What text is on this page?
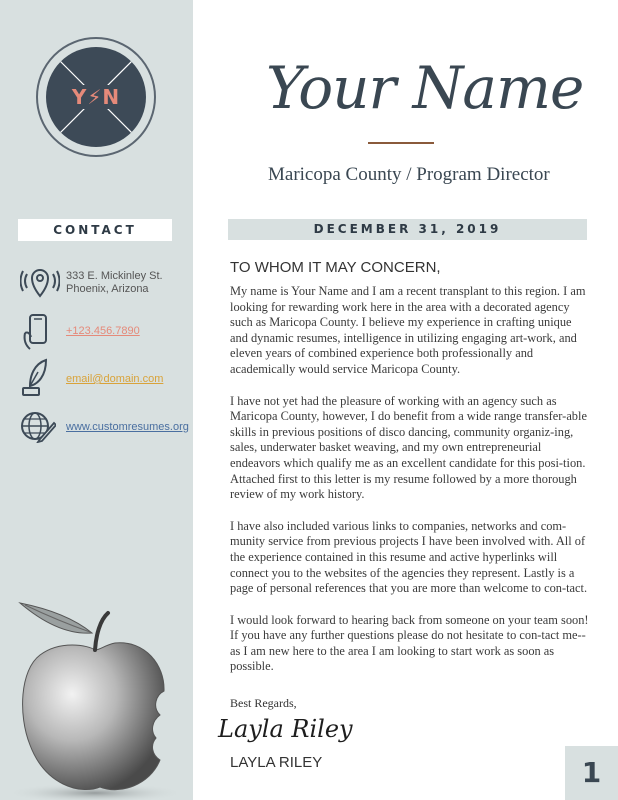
Y⚡N
CONTACT
333 E. Mickinley St.
Phoenix, Arizona
+123.456.7890
email@domain.com
www.customresumes.org
Your Name
Maricopa County / Program Director
DECEMBER 31, 2019
TO WHOM IT MAY CONCERN,

My name is Your Name and I am a recent transplant to this region. I am looking for rewarding work here in the area with a decorated agency such as Maricopa County. I believe my experience in crafting unique and dynamic resumes, intelligence in utilizing engaging art-work, and eleven years of combined experience both professionally and academically would service Maricopa County.

I have not yet had the pleasure of working with an agency such as Maricopa County, however, I do benefit from a wide range transfer-able skills in previous positions of disco dancing, community organiz-ing, sales, underwater basket weaving, and my own entrepreneurial endeavors which qualify me as an excellent candidate for this posi-tion. Attached first to this letter is my resume followed by a more thorough review of my work history.

I have also included various links to companies, networks and com-munity service from previous projects I have been involved with. All of the experience contained in this resume and active hyperlinks will connect you to the websites of the agencies they represent. Lastly is a page of personal references that you are more than welcome to con-tact.

I would look forward to hearing back from someone on your team soon! If you have any further questions please do not hesitate to con-tact me-- as I am new here to the area I am looking to start work as soon as possible.

Best Regards,
Layla Riley
LAYLA RILEY	1
